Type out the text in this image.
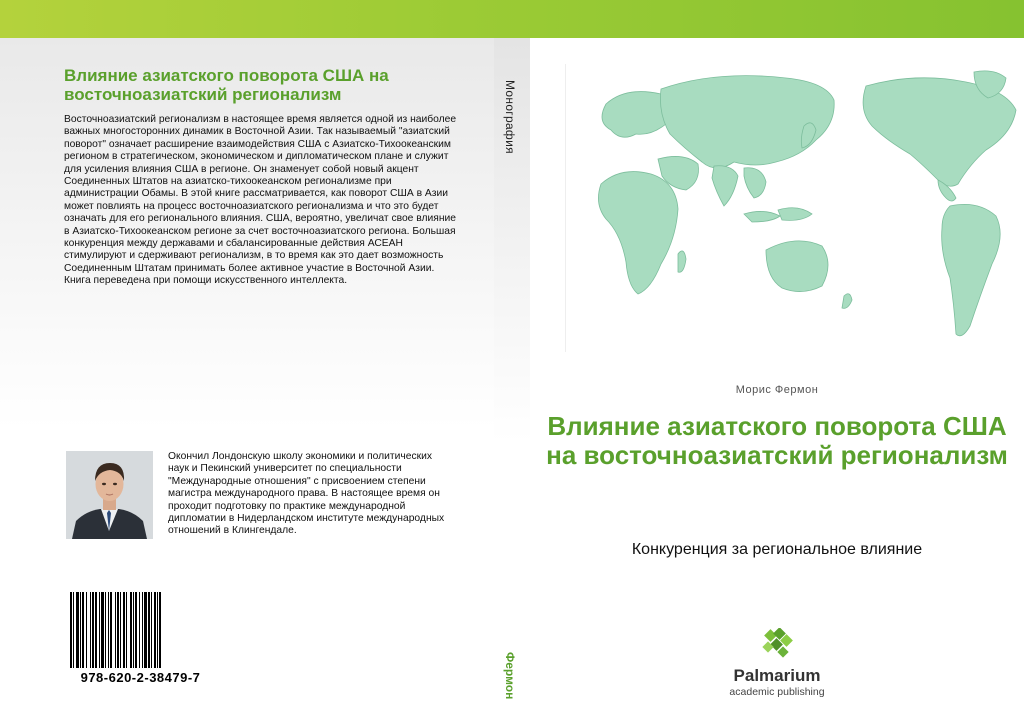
Влияние азиатского поворота США на восточноазиатский регионализм

Восточноазиатский регионализм в настоящее время является одной из наиболее важных многосторонних динамик в Восточной Азии. Так называемый "азиатский поворот" означает расширение взаимодействия США с Азиатско-Тихоокеанским регионом в стратегическом, экономическом и дипломатическом плане и служит для усиления влияния США в регионе. Он знаменует собой новый акцент Соединенных Штатов на азиатско-тихоокеанском регионализме при администрации Обамы. В этой книге рассматривается, как поворот США в Азии может повлиять на процесс восточноазиатского регионализма и что это будет означать для его регионального влияния. США, вероятно, увеличат свое влияние в Азиатско-Тихоокеанском регионе за счет восточноазиатского региона. Большая конкуренция между державами и сбалансированные действия АСЕАН стимулируют и сдерживают регионализм, в то время как это дает возможность Соединенным Штатам принимать более активное участие в Восточной Азии.

Книга переведена при помощи искусственного интеллекта.

Окончил Лондонскую школу экономики и политических наук и Пекинский университет по специальности "Международные отношения" с присвоением степени магистра международного права. В настоящее время он проходит подготовку по практике международной дипломатии в Нидерландском институте международных отношений в Клингендале.
978-620-2-38479-7
Монография
Фермон
Морис Фермон
Влияние азиатского поворота США на восточноазиатский регионализм
Конкуренция за региональное влияние
Palmarium
academic publishing
